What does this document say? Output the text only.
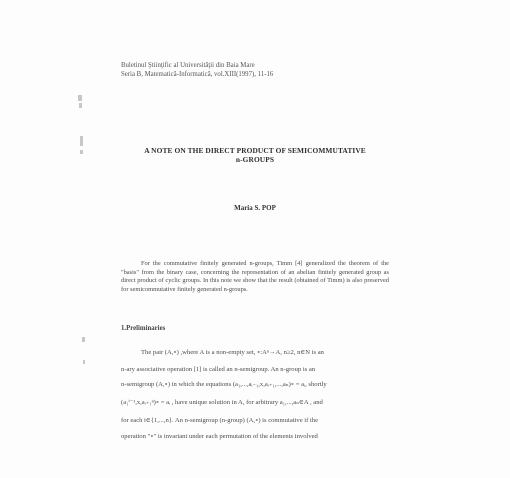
Buletinul Ştiinţific al Universităţii din Baia Mare
Seria B, Matematică-Informatică, vol.XIII(1997), 11-16
A NOTE ON THE DIRECT PRODUCT OF SEMICOMMUTATIVE
n-GROUPS
Maria S. POP

For the commutative finitely generated n-groups, Timm [4] generalized the theorem of the "basis" from the binary case, concerning the representation of an abelian finitely generated group as direct product of cyclic groups. In this note we show that the result (obtained of Timm) is also preserved for semicommutative finitely generated n-groups.

1.Preliminaries
The pair (A,∘) ,where A is a non-empty set, ∘:Aⁿ→A, n≥2, n∈N is an
n-ary associative operation [1] is called an n-semigroup. An n-group is an
n-semigroup (A,∘) in which the equations (a₁,...,aᵢ₋₁,x,aᵢ₊₁,...,aₙ)∘ = aᵢ, shortly
(a₁ⁱ⁻¹,x,aᵢ₊₁ⁿ)∘ = aᵢ , have unique solution in A, for arbitrary a₁,...,aₙ∈A , and
for each i∈{1,...,n}. An n-semigroup (n-group) (A,∘) is commutative if the
operation "∘" is invariant under each permutation of the elements involved
